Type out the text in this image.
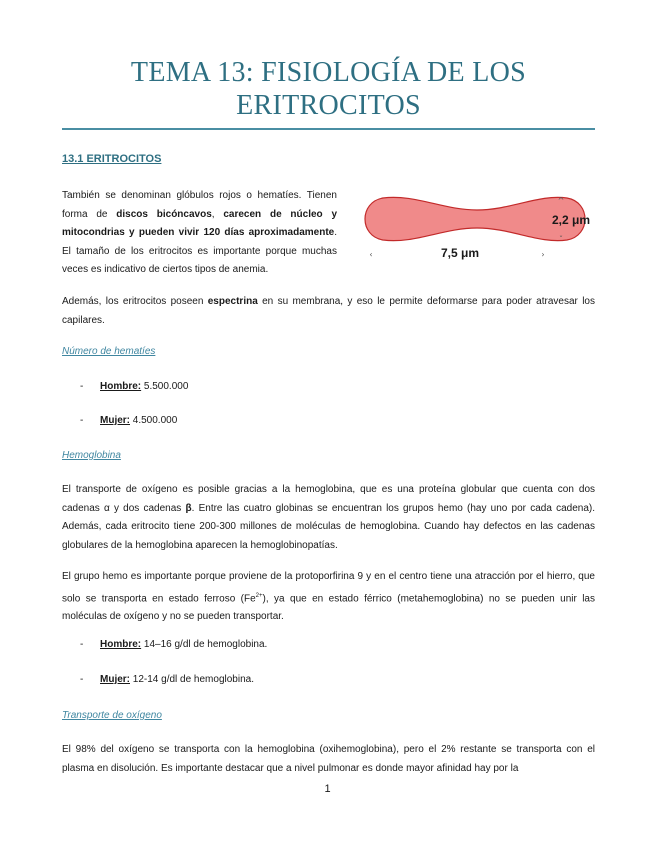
TEMA 13: FISIOLOGÍA DE LOS
ERITROCITOS
13.1 ERITROCITOS

También se denominan glóbulos rojos o hematíes. Tienen forma de discos bicóncavos, carecen de núcleo y mitocondrias y pueden vivir 120 días aproximadamente. El tamaño de los eritrocitos es importante porque muchas veces es indicativo de ciertos tipos de anemia.

^
2,2 μm
ˇ
‹	7,5 μm	›

Además, los eritrocitos poseen espectrina en su membrana, y eso le permite deformarse para poder atravesar los capilares.

Número de hematíes

- Hombre: 5.500.000

- Mujer: 4.500.000

Hemoglobina

El transporte de oxígeno es posible gracias a la hemoglobina, que es una proteína globular que cuenta con dos cadenas α y dos cadenas β. Entre las cuatro globinas se encuentran los grupos hemo (hay uno por cada cadena). Además, cada eritrocito tiene 200-300 millones de moléculas de hemoglobina. Cuando hay defectos en las cadenas globulares de la hemoglobina aparecen la hemoglobinopatías.

El grupo hemo es importante porque proviene de la protoporfirina 9 y en el centro tiene una atracción por el hierro, que solo se transporta en estado ferroso $(Fe^{2+})$, ya que en estado férrico (metahemoglobina) no se pueden unir las moléculas de oxígeno y no se pueden transportar.

- Hombre: 14–16 g/dl de hemoglobina.

- Mujer: 12-14 g/dl de hemoglobina.

Transporte de oxígeno

El 98% del oxígeno se transporta con la hemoglobina (oxihemoglobina), pero el 2% restante se transporta con el plasma en disolución. Es importante destacar que a nivel pulmonar es donde mayor afinidad hay por la

1
